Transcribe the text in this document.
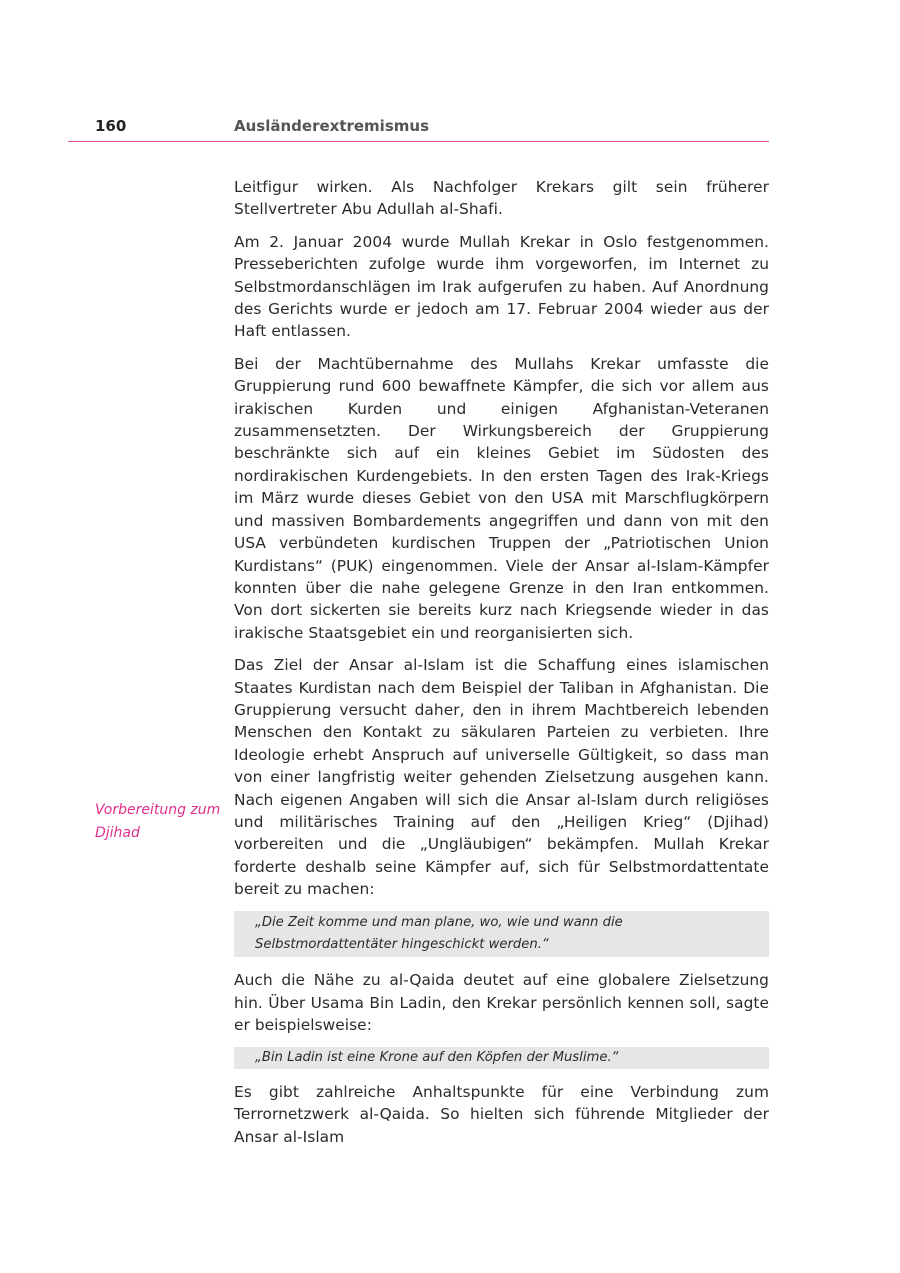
160	Ausländerextremismus
Vorbereitung zum
Djihad

Leitfigur wirken. Als Nachfolger Krekars gilt sein früherer Stellvertreter Abu Adullah al-Shafi.

Am 2. Januar 2004 wurde Mullah Krekar in Oslo festgenommen. Presseberichten zufolge wurde ihm vorgeworfen, im Internet zu Selbstmordanschlägen im Irak aufgerufen zu haben. Auf Anordnung des Gerichts wurde er jedoch am 17. Februar 2004 wieder aus der Haft entlassen.

Bei der Machtübernahme des Mullahs Krekar umfasste die Gruppierung rund 600 bewaffnete Kämpfer, die sich vor allem aus irakischen Kurden und einigen Afghanistan-Veteranen zusammensetzten. Der Wirkungsbereich der Gruppierung beschränkte sich auf ein kleines Gebiet im Südosten des nordirakischen Kurdengebiets. In den ersten Tagen des Irak-Kriegs im März wurde dieses Gebiet von den USA mit Marschflugkörpern und massiven Bombardements angegriffen und dann von mit den USA verbündeten kurdischen Truppen der „Patriotischen Union Kurdistans“ (PUK) eingenommen. Viele der Ansar al-Islam-Kämpfer konnten über die nahe gelegene Grenze in den Iran entkommen. Von dort sickerten sie bereits kurz nach Kriegsende wieder in das irakische Staatsgebiet ein und reorganisierten sich.

Das Ziel der Ansar al-Islam ist die Schaffung eines islamischen Staates Kurdistan nach dem Beispiel der Taliban in Afghanistan. Die Gruppierung versucht daher, den in ihrem Machtbereich lebenden Menschen den Kontakt zu säkularen Parteien zu verbieten. Ihre Ideologie erhebt Anspruch auf universelle Gültigkeit, so dass man von einer langfristig weiter gehenden Zielsetzung ausgehen kann. Nach eigenen Angaben will sich die Ansar al-Islam durch religiöses und militärisches Training auf den „Heiligen Krieg“ (Djihad) vorbereiten und die „Ungläubigen“ bekämpfen. Mullah Krekar forderte deshalb seine Kämpfer auf, sich für Selbstmordattentate bereit zu machen:

„Die Zeit komme und man plane, wo, wie und wann die Selbstmordattentäter hingeschickt werden.“

Auch die Nähe zu al-Qaida deutet auf eine globalere Zielsetzung hin. Über Usama Bin Ladin, den Krekar persönlich kennen soll, sagte er beispielsweise:

„Bin Ladin ist eine Krone auf den Köpfen der Muslime.“

Es gibt zahlreiche Anhaltspunkte für eine Verbindung zum Terrornetzwerk al-Qaida. So hielten sich führende Mitglieder der Ansar al-Islam
